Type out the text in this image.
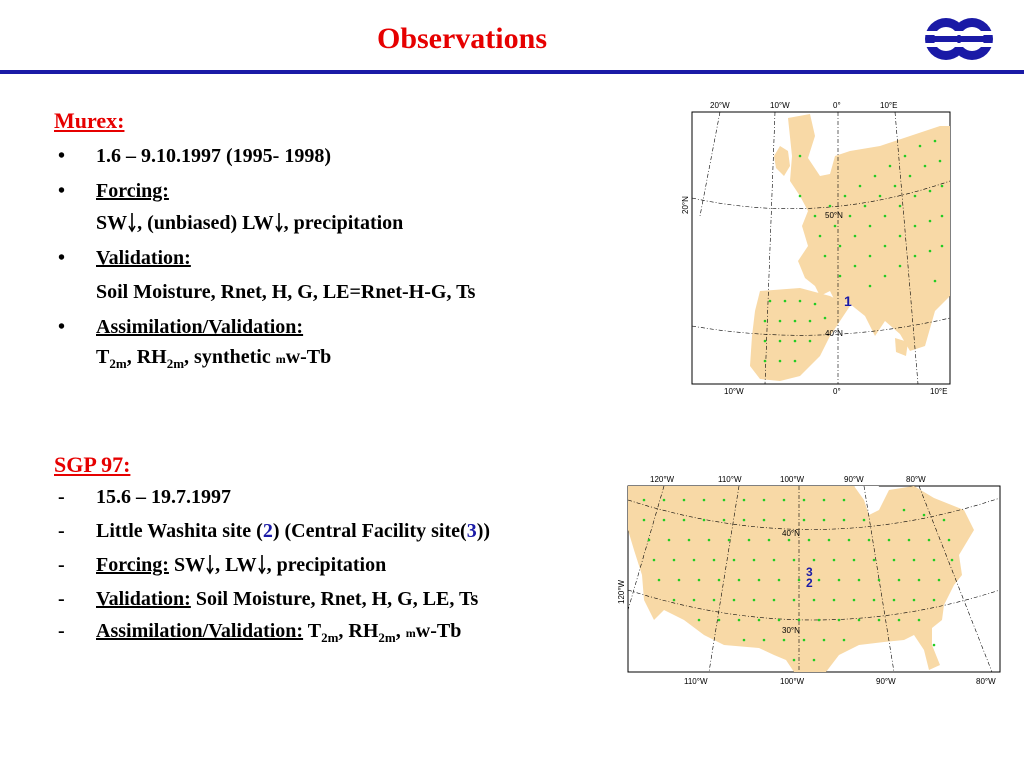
Observations
Murex:
• 1.6 – 9.10.1997 (1995- 1998)
• Forcing:
SW , (unbiased) LW , precipitation
• Validation:
Soil Moisture, Rnet, H, G, LE=Rnet-H-G, Ts
• Assimilation/Validation:
$T_{2m}$, $RH_{2m}$, synthetic mw-Tb
SGP 97:
- 15.6 – 19.7.1997
- Little Washita site (2) (Central Facility site(3))
- Forcing: SW , LW , precipitation
- Validation: Soil Moisture, Rnet, H, G, LE, Ts
- Assimilation/Validation: $T_{2m}$, $RH_{2m}$, mw-Tb
20°W	10°W	0°	10°E
10°W	0°	10°E
50°N
40°N
20°N
1
120°W	110°W	100°W	90°W	80°W
110°W	100°W	90°W	80°W
40°N
30°N
120°W
3
2
